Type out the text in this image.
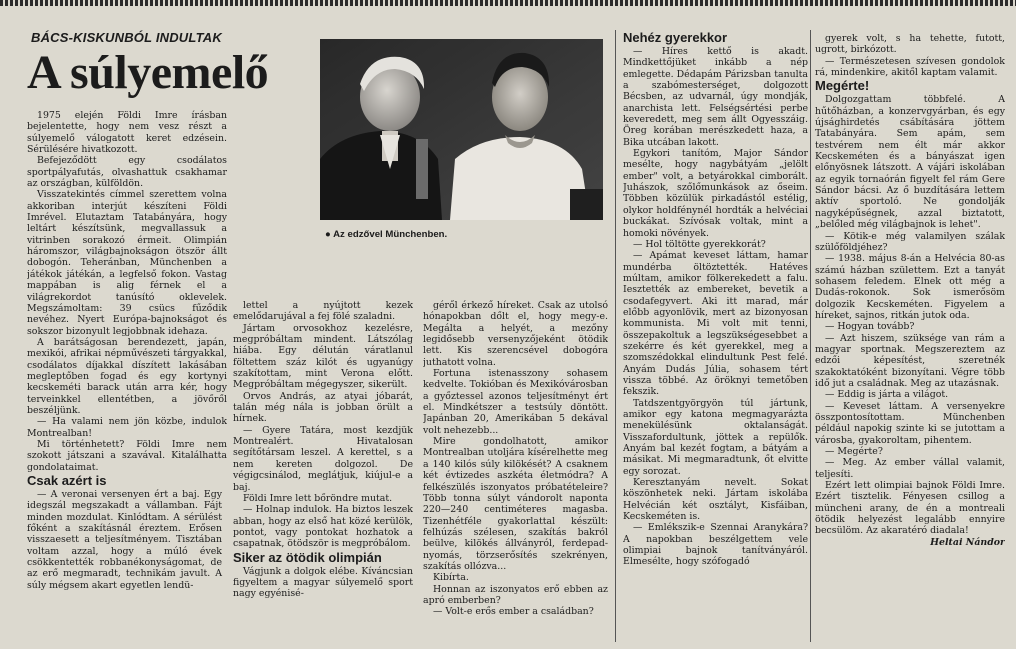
BÁCS-KISKUNBÓL INDULTAK
A súlyemelő
● Az edzővel Münchenben.

1975 elején Földi Imre írásban bejelentette, hogy nem vesz részt a súlyemelő válogatott keret edzésein. Sérülésére hivatkozott.

Befejeződött egy csodálatos sportpályafutás, olvashattuk csakhamar az országban, külföldön.

Visszatekintés címmel szerettem volna akkoriban interjút készíteni Földi Imrével. Elutaztam Tatabányára, hogy leltárt készítsünk, megvallassuk a vitrinben sorakozó érmeit. Olimpián háromszor, világbajnokságon ötször állt dobogón. Teheránban, Münchenben a játékok játékán, a legfelső fokon. Vastag mappában is alig férnek el a világrekordot tanúsító oklevelek. Megszámoltam: 39 csücs fűződik nevéhez. Nyert Európa-bajnokságot és sokszor bizonyult legjobbnak idehaza.

A barátságosan berendezett, japán, mexikói, afrikai népművészeti tárgyakkal, csodálatos díjakkal díszített lakásában megleptőben fogad és egy kortynyi kecskeméti barack után arra kér, hogy terveinkkel ellentétben, a jövőről beszéljünk.

— Ha valami nem jön közbe, indulok Montrealban!

Mi történhetett? Földi Imre nem szokott játszani a szavával. Kitalálhatta gondolataimat.

Csak azért is

— A veronai versenyen ért a baj. Egy idegszál megszakadt a vállamban. Fájt minden mozdulat. Kinlódtam. A sérülést főként a szakításnál éreztem. Erősen visszaesett a teljesítményem. Tisztában voltam azzal, hogy a múló évek csökkentették robbanékonyságomat, de az erő megmaradt, technikám javult. A súly mégsem akart egyetlen lendü-

lettel a nyújtott kezek emelődarujával a fej fölé szaladni.

Jártam orvosokhoz kezelésre, megpróbáltam mindent. Látszólag hiába. Egy délután váratlanul föltettem száz kilót és ugyanúgy szakítottam, mint Verona előtt. Megpróbáltam mégegyszer, sikerült.

Orvos András, az atyai jóbarát, talán még nála is jobban örült a hírnek.

— Gyere Tatára, most kezdjük Montrealért. Hivatalosan segítőtársam leszel. A kerettel, s a nem kereten dolgozol. De végigcsinálod, meglátjuk, kiújul-e a baj.

Földi Imre lett bőröndre mutat.

— Holnap indulok. Ha biztos leszek abban, hogy az első hat közé kerülök, pontot, vagy pontokat hozhatok a csapatnak, ötödször is megpróbálom.

Siker az ötödik olimpián

Vágjunk a dolgok elébe. Kíváncsian figyeltem a magyar súlyemelő sport nagy egyénisé-

géről érkező híreket. Csak az utolsó hónapokban dőlt el, hogy megy-e. Megálta a helyét, a mezőny legidősebb versenyzőjeként ötödik lett. Kis szerencsével dobogóra juthatott volna.

Fortuna istenasszony sohasem kedvelte. Tokióban és Mexikóvárosban a győztessel azonos teljesítményt ért el. Mindkétszer a testsúly döntött. Japánban 20, Amerikában 5 dekával volt nehezebb...

Mire gondolhatott, amikor Montrealban utoljára kísérelhette meg a 140 kilós súly kilökését? A csaknem két évtizedes aszkéta életmódra? A felkészülés iszonyatos próbatételeire? Több tonna súlyt vándorolt naponta 220—240 centiméteres magasba. Tizenhétféle gyakorlattal készült: felhúzás szélesen, szakítás bakról beülve, kilökés állványról, ferdepad-nyomás, törzserősítés szekrényen, szakítás ollózva...

Kibírta.

Honnan az iszonyatos erő ebben az apró emberben?

— Volt-e erős ember a családban?

Nehéz gyerekkor

— Híres kettő is akadt. Mindkettőjüket inkább a nép emlegette. Dédapám Párizsban tanulta a szabómesterséget, dolgozott Bécsben, az udvarnál, úgy mondják, anarchista lett. Felségsértési perbe keveredett, meg sem állt Ogyesszáig. Öreg korában merészkedett haza, a Bika utcában lakott.

Egykori tanítóm, Major Sándor mesélte, hogy nagybátyám „jelölt ember" volt, a betyárokkal cimborált. Juhászok, szőlőmunkások az őseim. Többen közülük pirkadástól estélig, olykor holdfénynél hordták a helvéciai buckákat. Szívósak voltak, mint a homoki növények.

— Hol töltötte gyerekkorát?

— Apámat keveset láttam, hamar mundérba öltöztették. Hatéves múltam, amikor fölkerekedett a falu. Iesztették az embereket, bevetik a csodafegyvert. Aki itt marad, már előbb agyonlövik, mert az bizonyosan kommunista. Mi volt mit tenni, összepakoltuk a legszükségesebbet a szekérre és két gyerekkel, meg a szomszédokkal elindultunk Pest felé. Anyám Dudás Júlia, sohasem tért vissza többé. Az öröknyi temetőben fekszik.

Tatdszentgyörgyön túl jártunk, amikor egy katona megmagyarázta menekülésünk oktalanságát. Visszafordultunk, jöttek a repülők. Anyám bal kezét fogtam, a bátyám a másikat. Mi megmaradtunk, őt elvitte egy sorozat.

Keresztanyám nevelt. Sokat köszönhetek neki. Jártam iskolába Helvécián két osztályt, Kisfáiban, Kecskeméten is.

— Emlékszik-e Szennai Aranykára? A napokban beszélgettem vele olimpiai bajnok tanítványáról. Elmesélte, hogy szófogadó

gyerek volt, s ha tehette, futott, ugrott, birkózott.

— Természetesen szívesen gondolok rá, mindenkire, akitől kaptam valamit.

Megérte!

Dolgozgattam többfelé. A hűtőházban, a konzervgyárban, és egy újsághirdetés csábítására jöttem Tatabányára. Sem apám, sem testvérem nem élt már akkor Kecskeméten és a bányászat igen előnyösnek látszott. A vájári iskolában az egyik tornaórán figyelt fel rám Gere Sándor bácsi. Az ő buzdítására lettem aktív sportoló. Ne gondolják nagyképűségnek, azzal biztatott, „belőled még világbajnok is lehet".

— Kötik-e még valamilyen szálak szülőföldjéhez?

— 1938. május 8-án a Helvécia 80-as számú házban születtem. Ezt a tanyát sohasem feledem. Elnek ott még a Dudás-rokonok. Sok ismerősöm dolgozik Kecskeméten. Figyelem a híreket, sajnos, ritkán jutok oda.

— Hogyan tovább?

— Azt hiszem, szüksége van rám a magyar sportnak. Megszereztem az edzői képesítést, szeretnék szakoktatóként bizonyítani. Végre több idő jut a családnak. Meg az utazásnak.

— Eddig is járta a világot.

— Keveset láttam. A versenyekre összpontosítottam. Münchenben például napokig szinte ki se jutottam a városba, gyakoroltam, pihentem.

— Megérte?

— Meg. Az ember vállal valamit, teljesíti.

Ezért lett olimpiai bajnok Földi Imre. Ezért tisztelik. Fényesen csillog a müncheni arany, de én a montreali ötödik helyezést legalább ennyire becsülöm. Az akaratéró diadala!

Heltai Nándor
